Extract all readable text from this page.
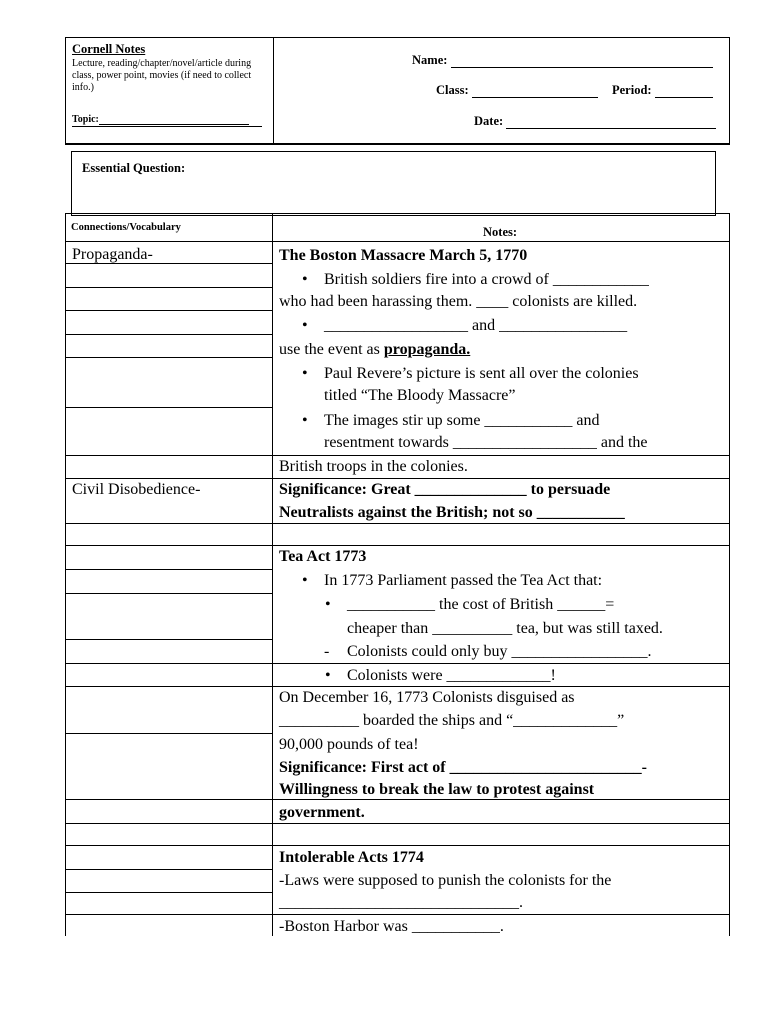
Cornell Notes
Lecture, reading/chapter/novel/article during class, power point, movies (if need to collect info.)
Topic:
Name:
Class:	Period:
Date:
Essential Question:
Connections/Vocabulary	Notes:
Propaganda-
Civil Disobedience-
The Boston Massacre March 5, 1770
• British soldiers fire into a crowd of ____________
who had been harassing them. ____ colonists are killed.
• __________________ and ________________
use the event as propaganda.
• Paul Revere’s picture is sent all over the colonies
titled “The Bloody Massacre”
• The images stir up some ___________ and
resentment towards __________________ and the
British troops in the colonies.
Significance: Great ______________ to persuade
Neutralists against the British; not so ___________
Tea Act 1773
• In 1773 Parliament passed the Tea Act that:
• ___________ the cost of British ______=
cheaper than __________ tea, but was still taxed.
- Colonists could only buy _________________.
• Colonists were _____________!
On December 16, 1773 Colonists disguised as
__________ boarded the ships and “_____________”
90,000 pounds of tea!
Significance: First act of ________________________-
Willingness to break the law to protest against
government.
Intolerable Acts 1774
-Laws were supposed to punish the colonists for the
______________________________.
-Boston Harbor was ___________.
